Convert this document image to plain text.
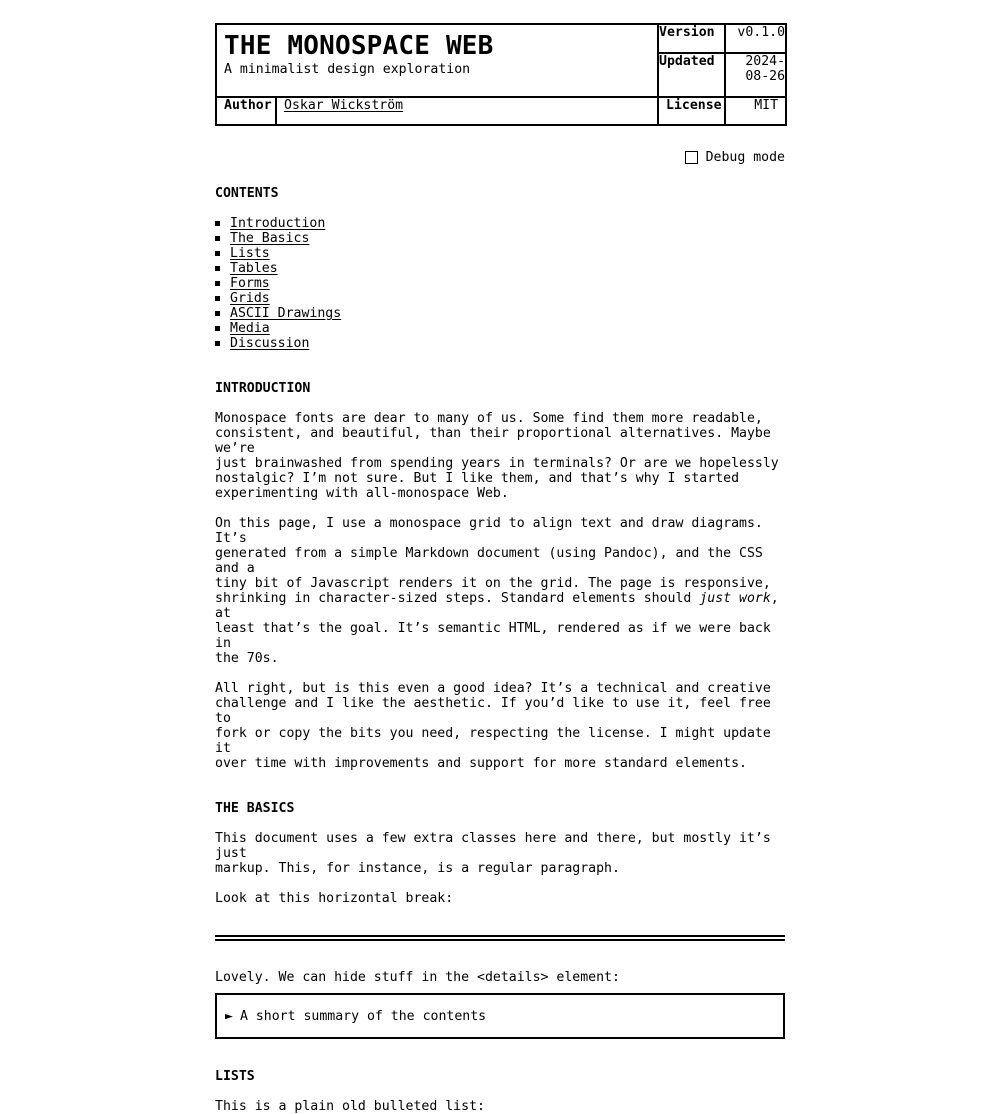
THE MONOSPACE WEB
A minimalist design exploration		Version	v0.1.0
		Updated	2024-
08-26

Author	Oskar Wickström	License	MIT
Debug mode
CONTENTS
Introduction
The Basics
Lists
Tables
Forms
Grids
ASCII Drawings
Media
Discussion
INTRODUCTION

Monospace fonts are dear to many of us. Some find them more readable,
consistent, and beautiful, than their proportional alternatives. Maybe we’re
just brainwashed from spending years in terminals? Or are we hopelessly
nostalgic? I’m not sure. But I like them, and that’s why I started
experimenting with all-monospace Web.

On this page, I use a monospace grid to align text and draw diagrams. It’s
generated from a simple Markdown document (using Pandoc), and the CSS and a
tiny bit of Javascript renders it on the grid. The page is responsive,
shrinking in character-sized steps. Standard elements should just work, at
least that’s the goal. It’s semantic HTML, rendered as if we were back in
the 70s.

All right, but is this even a good idea? It’s a technical and creative
challenge and I like the aesthetic. If you’d like to use it, feel free to
fork or copy the bits you need, respecting the license. I might update it
over time with improvements and support for more standard elements.

THE BASICS

This document uses a few extra classes here and there, but mostly it’s just
markup. This, for instance, is a regular paragraph.

Look at this horizontal break:

Lovely. We can hide stuff in the <details> element:

► A short summary of the contents
LISTS

This is a plain old bulleted list:
